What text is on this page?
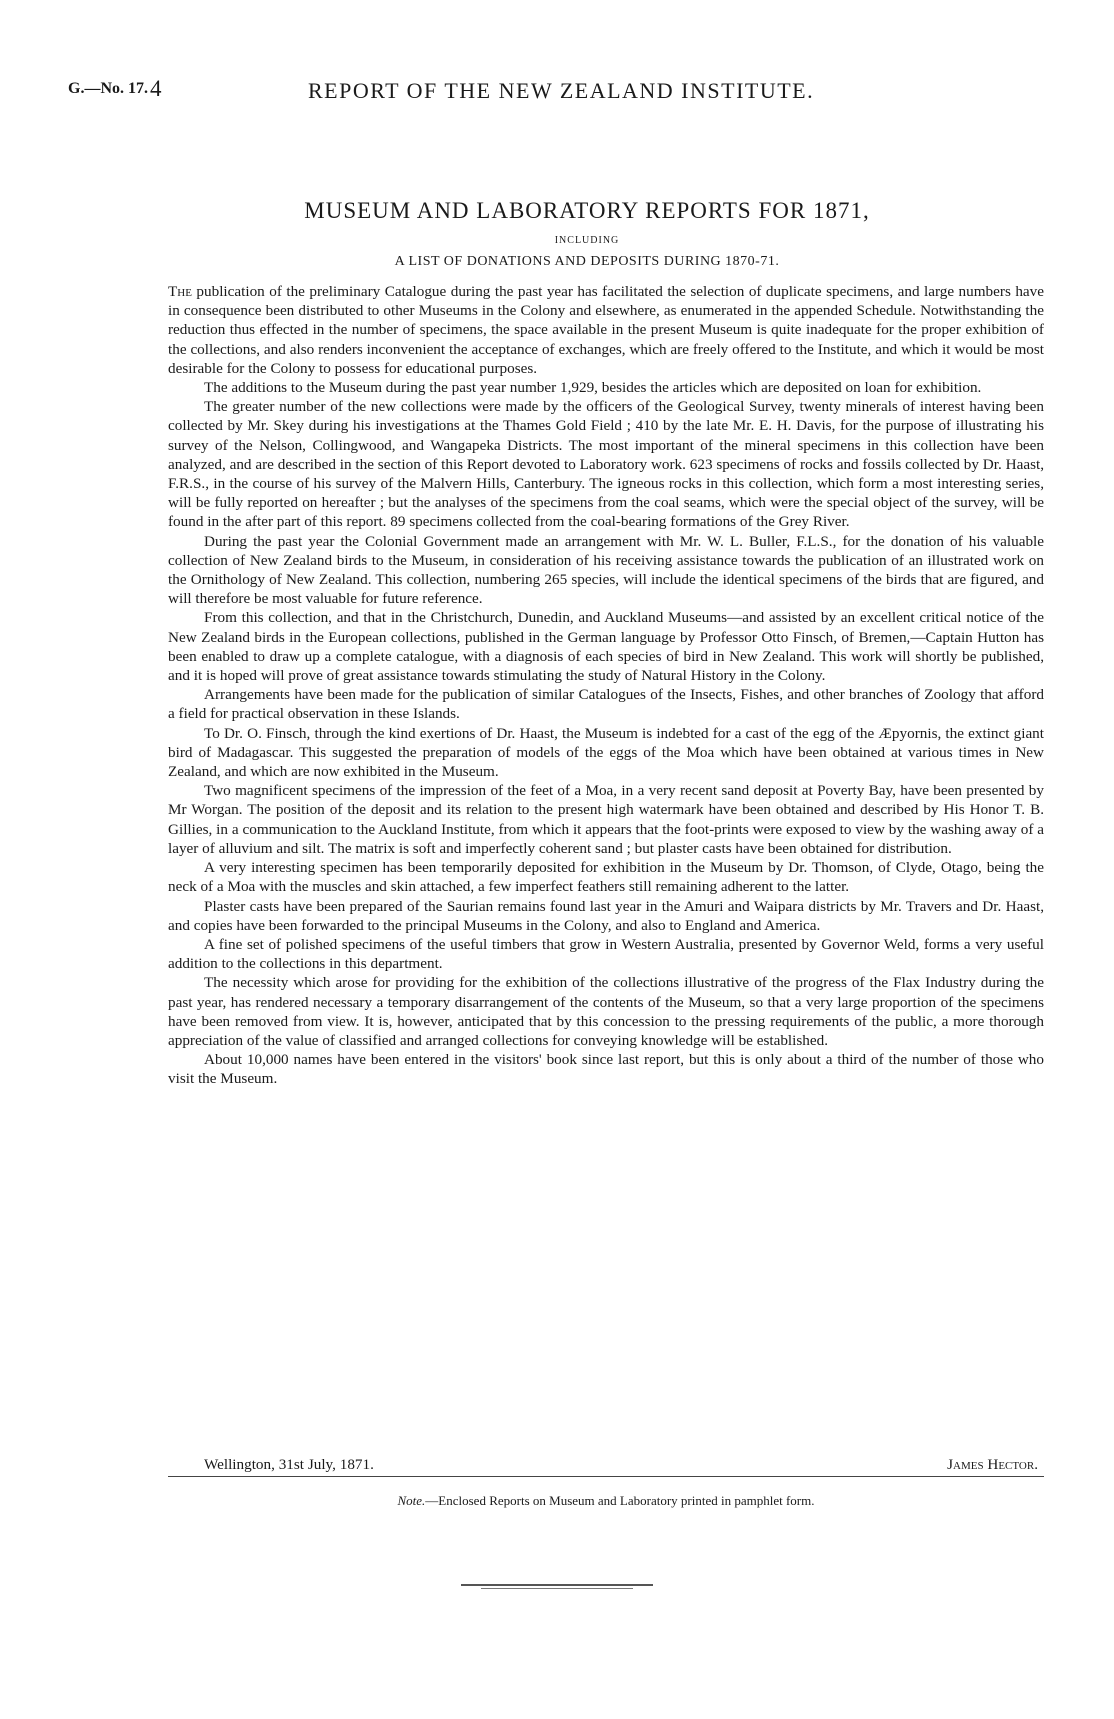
G.—No. 17. 4	REPORT OF THE NEW ZEALAND INSTITUTE.
MUSEUM AND LABORATORY REPORTS FOR 1871,
INCLUDING
A LIST OF DONATIONS AND DEPOSITS DURING 1870-71.

The publication of the preliminary Catalogue during the past year has facilitated the selection of duplicate specimens, and large numbers have in consequence been distributed to other Museums in the Colony and elsewhere, as enumerated in the appended Schedule. Notwithstanding the reduction thus effected in the number of specimens, the space available in the present Museum is quite inadequate for the proper exhibition of the collections, and also renders inconvenient the acceptance of exchanges, which are freely offered to the Institute, and which it would be most desirable for the Colony to possess for educational purposes.

The additions to the Museum during the past year number 1,929, besides the articles which are deposited on loan for exhibition.

The greater number of the new collections were made by the officers of the Geological Survey, twenty minerals of interest having been collected by Mr. Skey during his investigations at the Thames Gold Field ; 410 by the late Mr. E. H. Davis, for the purpose of illustrating his survey of the Nelson, Collingwood, and Wangapeka Districts. The most important of the mineral specimens in this collection have been analyzed, and are described in the section of this Report devoted to Laboratory work. 623 specimens of rocks and fossils collected by Dr. Haast, F.R.S., in the course of his survey of the Malvern Hills, Canterbury. The igneous rocks in this collection, which form a most interesting series, will be fully reported on hereafter ; but the analyses of the specimens from the coal seams, which were the special object of the survey, will be found in the after part of this report. 89 specimens collected from the coal-bearing formations of the Grey River.

During the past year the Colonial Government made an arrangement with Mr. W. L. Buller, F.L.S., for the donation of his valuable collection of New Zealand birds to the Museum, in consideration of his receiving assistance towards the publication of an illustrated work on the Ornithology of New Zealand. This collection, numbering 265 species, will include the identical specimens of the birds that are figured, and will therefore be most valuable for future reference.

From this collection, and that in the Christchurch, Dunedin, and Auckland Museums—and assisted by an excellent critical notice of the New Zealand birds in the European collections, published in the German language by Professor Otto Finsch, of Bremen,—Captain Hutton has been enabled to draw up a complete catalogue, with a diagnosis of each species of bird in New Zealand. This work will shortly be published, and it is hoped will prove of great assistance towards stimulating the study of Natural History in the Colony.

Arrangements have been made for the publication of similar Catalogues of the Insects, Fishes, and other branches of Zoology that afford a field for practical observation in these Islands.

To Dr. O. Finsch, through the kind exertions of Dr. Haast, the Museum is indebted for a cast of the egg of the Æpyornis, the extinct giant bird of Madagascar. This suggested the preparation of models of the eggs of the Moa which have been obtained at various times in New Zealand, and which are now exhibited in the Museum.

Two magnificent specimens of the impression of the feet of a Moa, in a very recent sand deposit at Poverty Bay, have been presented by Mr Worgan. The position of the deposit and its relation to the present high watermark have been obtained and described by His Honor T. B. Gillies, in a communication to the Auckland Institute, from which it appears that the foot-prints were exposed to view by the washing away of a layer of alluvium and silt. The matrix is soft and imperfectly coherent sand ; but plaster casts have been obtained for distribution.

A very interesting specimen has been temporarily deposited for exhibition in the Museum by Dr. Thomson, of Clyde, Otago, being the neck of a Moa with the muscles and skin attached, a few imperfect feathers still remaining adherent to the latter.

Plaster casts have been prepared of the Saurian remains found last year in the Amuri and Waipara districts by Mr. Travers and Dr. Haast, and copies have been forwarded to the principal Museums in the Colony, and also to England and America.

A fine set of polished specimens of the useful timbers that grow in Western Australia, presented by Governor Weld, forms a very useful addition to the collections in this department.

The necessity which arose for providing for the exhibition of the collections illustrative of the progress of the Flax Industry during the past year, has rendered necessary a temporary disarrangement of the contents of the Museum, so that a very large proportion of the specimens have been removed from view. It is, however, anticipated that by this concession to the pressing requirements of the public, a more thorough appreciation of the value of classified and arranged collections for conveying knowledge will be established.

About 10,000 names have been entered in the visitors' book since last report, but this is only about a third of the number of those who visit the Museum.

Wellington, 31st July, 1871.	James Hector.
Note.—Enclosed Reports on Museum and Laboratory printed in pamphlet form.
